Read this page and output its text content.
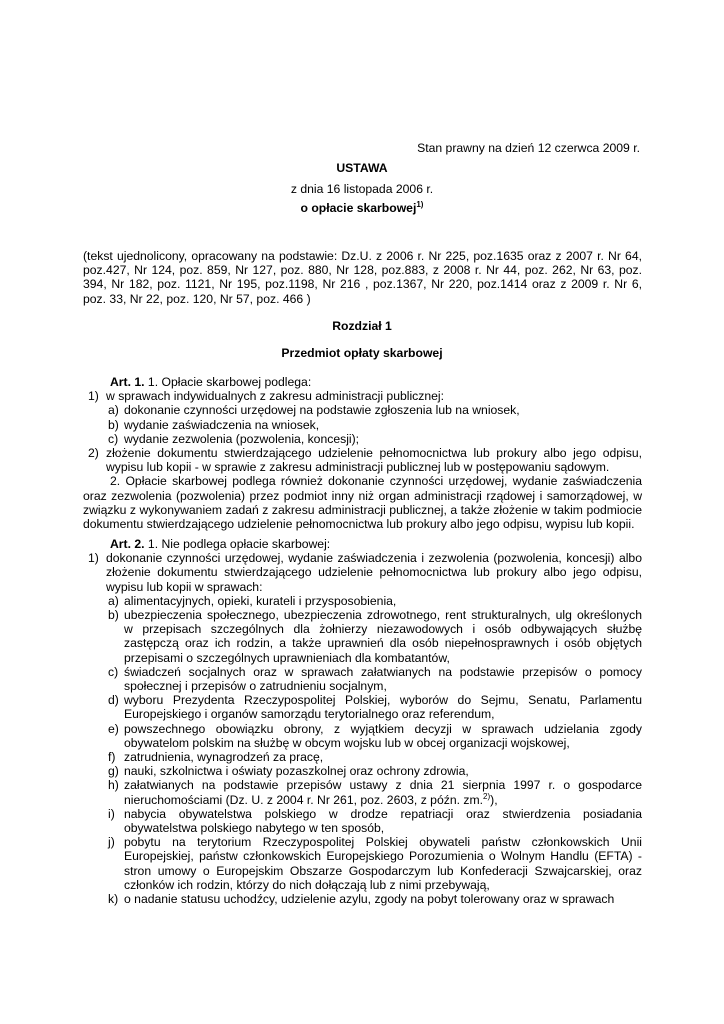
Stan prawny na dzień 12 czerwca 2009 r.
USTAWA
z dnia 16 listopada 2006 r.
o opłacie skarbowej$^{1)}$
(tekst ujednolicony, opracowany na podstawie: Dz.U. z 2006 r. Nr 225, poz.1635 oraz z 2007 r. Nr 64, poz.427, Nr 124, poz. 859, Nr 127, poz. 880, Nr 128, poz.883, z 2008 r. Nr 44, poz. 262, Nr 63, poz. 394, Nr 182, poz. 1121, Nr 195, poz.1198, Nr 216 , poz.1367, Nr 220, poz.1414 oraz z 2009 r. Nr 6, poz. 33, Nr 22, poz. 120, Nr 57, poz. 466 )
Rozdział 1
Przedmiot opłaty skarbowej

Art. 1. 1. Opłacie skarbowej podlega:

1) w sprawach indywidualnych z zakresu administracji publicznej:
a) dokonanie czynności urzędowej na podstawie zgłoszenia lub na wniosek,
b) wydanie zaświadczenia na wniosek,
c) wydanie zezwolenia (pozwolenia, koncesji);
2) złożenie dokumentu stwierdzającego udzielenie pełnomocnictwa lub prokury albo jego odpisu, wypisu lub kopii - w sprawie z zakresu administracji publicznej lub w postępowaniu sądowym.

2. Opłacie skarbowej podlega również dokonanie czynności urzędowej, wydanie zaświadczenia oraz zezwolenia (pozwolenia) przez podmiot inny niż organ administracji rządowej i samorządowej, w związku z wykonywaniem zadań z zakresu administracji publicznej, a także złożenie w takim podmiocie dokumentu stwierdzającego udzielenie pełnomocnictwa lub prokury albo jego odpisu, wypisu lub kopii.

Art. 2. 1. Nie podlega opłacie skarbowej:

1) dokonanie czynności urzędowej, wydanie zaświadczenia i zezwolenia (pozwolenia, koncesji) albo złożenie dokumentu stwierdzającego udzielenie pełnomocnictwa lub prokury albo jego odpisu, wypisu lub kopii w sprawach:
a) alimentacyjnych, opieki, kurateli i przysposobienia,
b) ubezpieczenia społecznego, ubezpieczenia zdrowotnego, rent strukturalnych, ulg określonych w przepisach szczególnych dla żołnierzy niezawodowych i osób odbywających służbę zastępczą oraz ich rodzin, a także uprawnień dla osób niepełnosprawnych i osób objętych przepisami o szczególnych uprawnieniach dla kombatantów,
c) świadczeń socjalnych oraz w sprawach załatwianych na podstawie przepisów o pomocy społecznej i przepisów o zatrudnieniu socjalnym,
d) wyboru Prezydenta Rzeczypospolitej Polskiej, wyborów do Sejmu, Senatu, Parlamentu Europejskiego i organów samorządu terytorialnego oraz referendum,
e) powszechnego obowiązku obrony, z wyjątkiem decyzji w sprawach udzielania zgody obywatelom polskim na służbę w obcym wojsku lub w obcej organizacji wojskowej,
f) zatrudnienia, wynagrodzeń za pracę,
g) nauki, szkolnictwa i oświaty pozaszkolnej oraz ochrony zdrowia,
h) załatwianych na podstawie przepisów ustawy z dnia 21 sierpnia 1997 r. o gospodarce nieruchomościami (Dz. U. z 2004 r. Nr 261, poz. 2603, z późn. zm.$^{2)}$),
i) nabycia obywatelstwa polskiego w drodze repatriacji oraz stwierdzenia posiadania obywatelstwa polskiego nabytego w ten sposób,
j) pobytu na terytorium Rzeczypospolitej Polskiej obywateli państw członkowskich Unii Europejskiej, państw członkowskich Europejskiego Porozumienia o Wolnym Handlu (EFTA) - stron umowy o Europejskim Obszarze Gospodarczym lub Konfederacji Szwajcarskiej, oraz członków ich rodzin, którzy do nich dołączają lub z nimi przebywają,
k) o nadanie statusu uchodźcy, udzielenie azylu, zgody na pobyt tolerowany oraz w sprawach
